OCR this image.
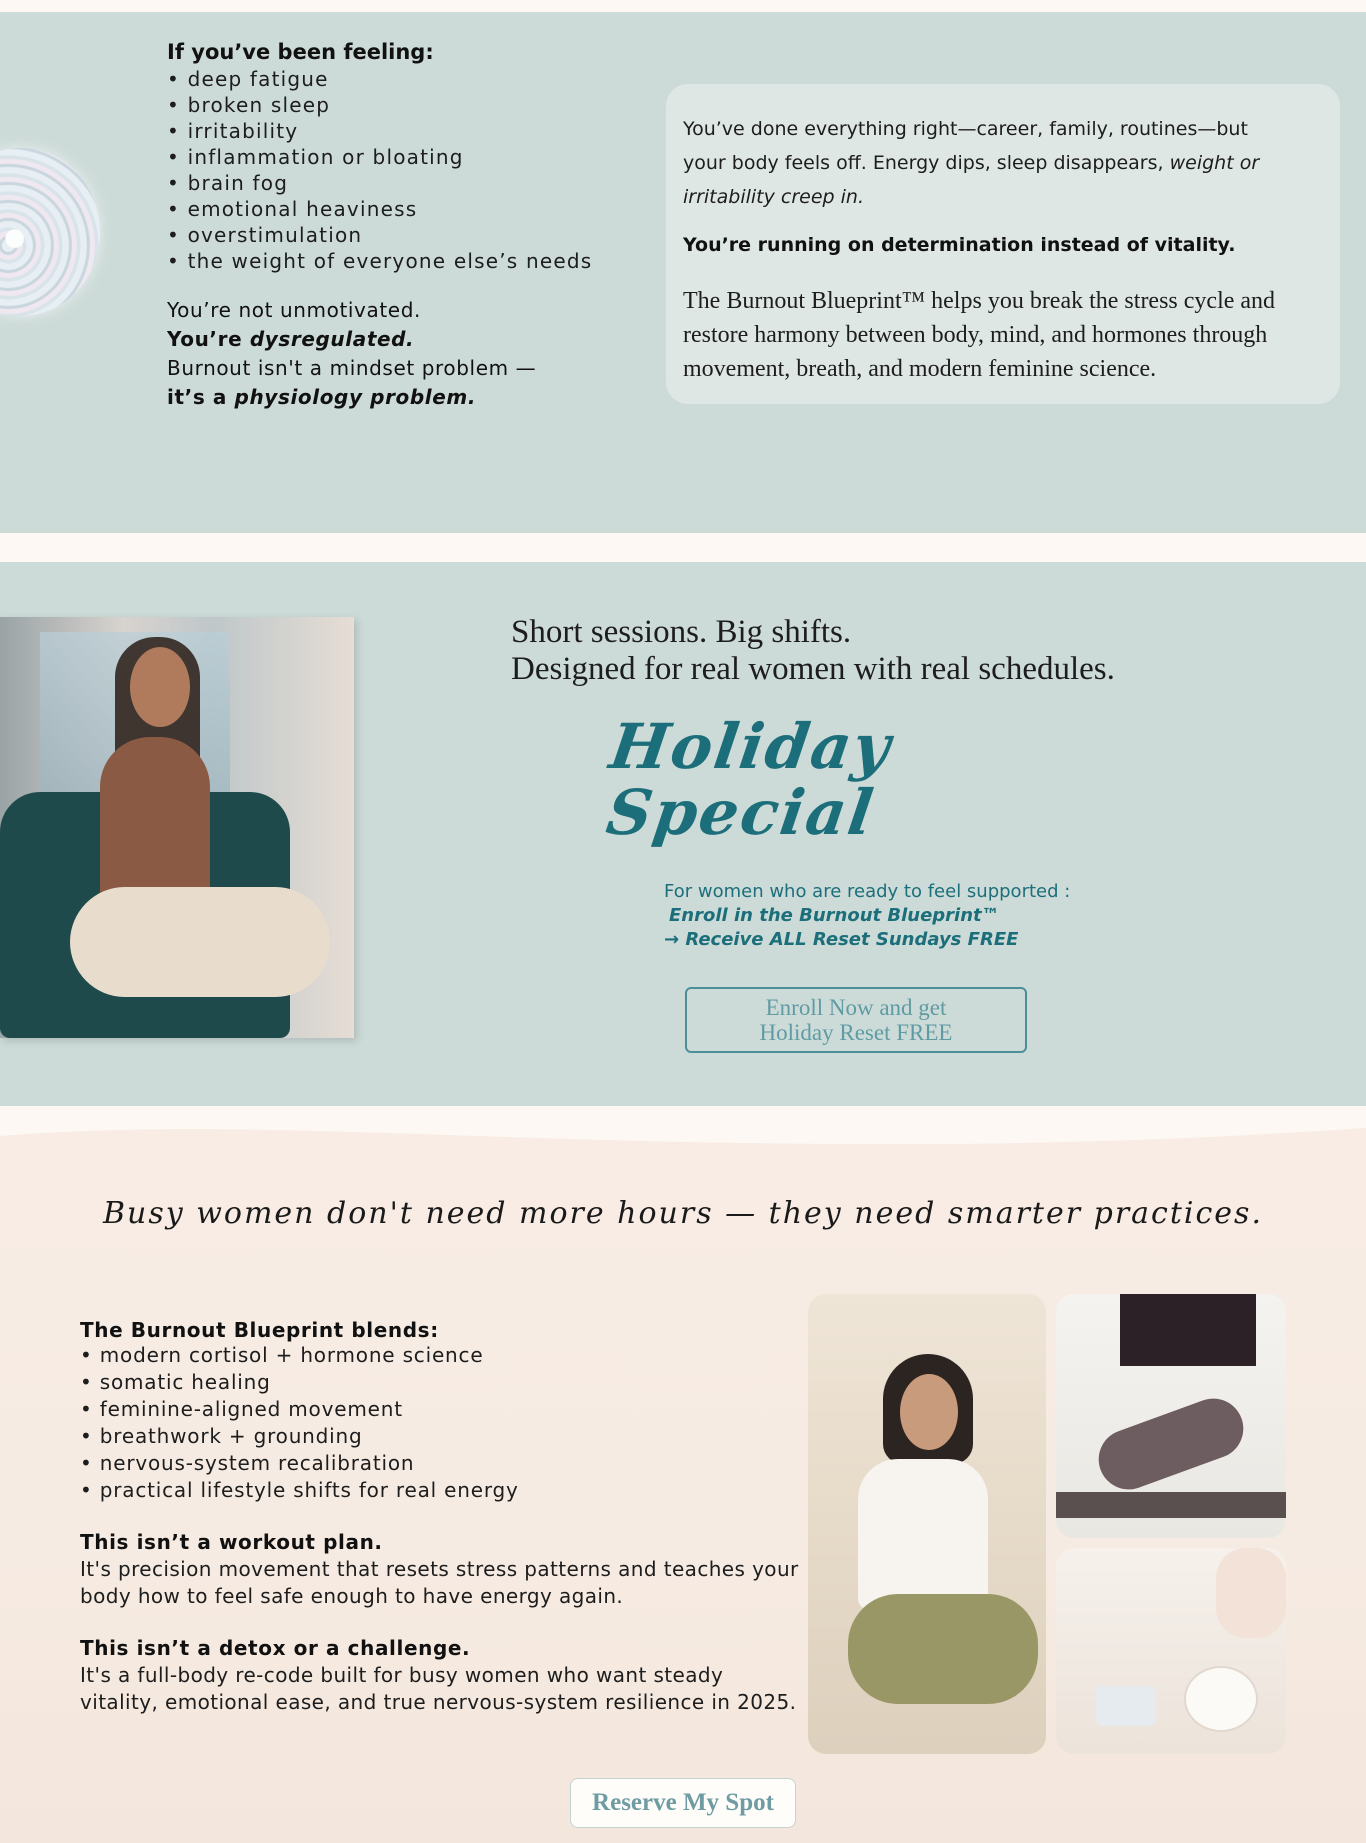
If you’ve been feeling:
• deep fatigue
• broken sleep
• irritability
• inflammation or bloating
• brain fog
• emotional heaviness
• overstimulation
• the weight of everyone else’s needs
You’re not unmotivated.
You’re dysregulated.
Burnout isn't a mindset problem —
it’s a physiology problem.
You’ve done everything right—career, family, routines—but your body feels off. Energy dips, sleep disappears, weight or irritability creep in.
You’re running on determination instead of vitality.
The Burnout Blueprint™ helps you break the stress cycle and restore harmony between body, mind, and hormones through movement, breath, and modern feminine science.
Short sessions. Big shifts.
Designed for real women with real schedules.
Holiday
Special
For women who are ready to feel supported :
Enroll in the Burnout Blueprint™
→ Receive ALL Reset Sundays FREE
Enroll Now and get
Holiday Reset FREE
Busy women don't need more hours — they need smarter practices.
The Burnout Blueprint blends:
• modern cortisol + hormone science
• somatic healing
• feminine-aligned movement
• breathwork + grounding
• nervous-system recalibration
• practical lifestyle shifts for real energy
This isn’t a workout plan.
It's precision movement that resets stress patterns and teaches your body how to feel safe enough to have energy again.
This isn’t a detox or a challenge.
It's a full-body re-code built for busy women who want steady vitality, emotional ease, and true nervous-system resilience in 2025.
Reserve My Spot
